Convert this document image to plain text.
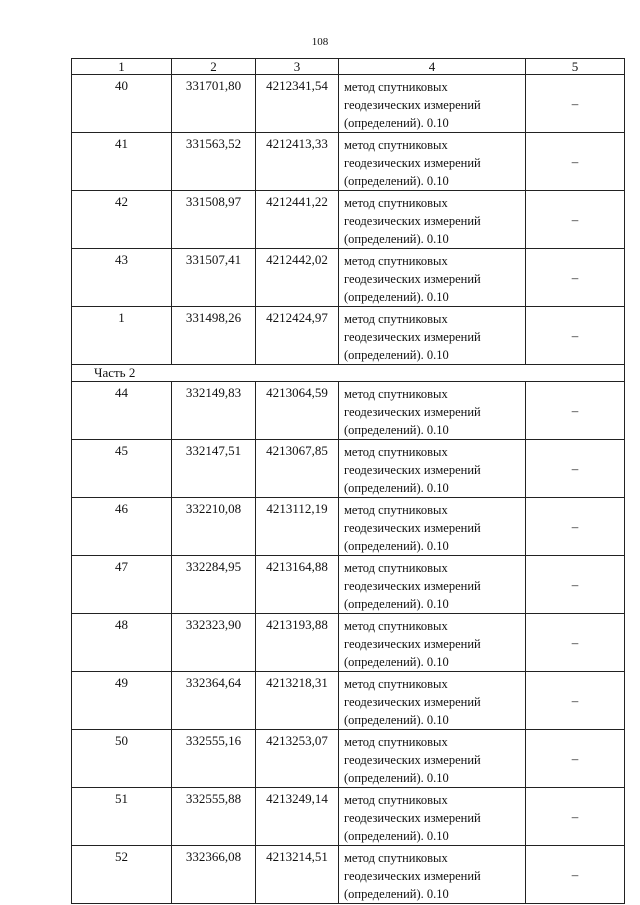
108
1	2	3	4	5
40	331701,80	4212341,54	метод спутниковых
геодезических измерений
(определений). 0.10	–
41	331563,52	4212413,33	метод спутниковых
геодезических измерений
(определений). 0.10	–
42	331508,97	4212441,22	метод спутниковых
геодезических измерений
(определений). 0.10	–
43	331507,41	4212442,02	метод спутниковых
геодезических измерений
(определений). 0.10	–
1	331498,26	4212424,97	метод спутниковых
геодезических измерений
(определений). 0.10	–
Часть 2				
44	332149,83	4213064,59	метод спутниковых
геодезических измерений
(определений). 0.10	–
45	332147,51	4213067,85	метод спутниковых
геодезических измерений
(определений). 0.10	–
46	332210,08	4213112,19	метод спутниковых
геодезических измерений
(определений). 0.10	–
47	332284,95	4213164,88	метод спутниковых
геодезических измерений
(определений). 0.10	–
48	332323,90	4213193,88	метод спутниковых
геодезических измерений
(определений). 0.10	–
49	332364,64	4213218,31	метод спутниковых
геодезических измерений
(определений). 0.10	–
50	332555,16	4213253,07	метод спутниковых
геодезических измерений
(определений). 0.10	–
51	332555,88	4213249,14	метод спутниковых
геодезических измерений
(определений). 0.10	–
52	332366,08	4213214,51	метод спутниковых
геодезических измерений
(определений). 0.10	–
